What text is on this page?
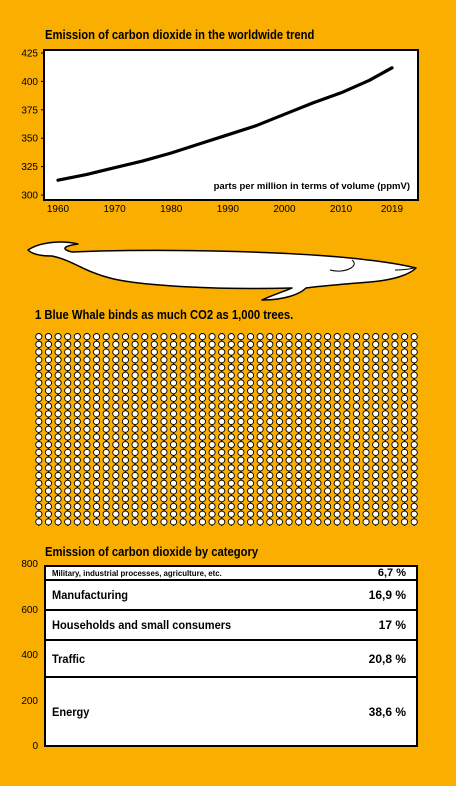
Emission of carbon dioxide in the worldwide trend
425
400
375
350
325
300
1960	1970	1980	1990	2000	2010	2019
parts per million in terms of volume (ppmV)
1 Blue Whale binds as much CO2 as 1,000 trees.
Emission of carbon dioxide by category
800
600
400
200
0
Military, industrial processes, agriculture, etc.	6,7 %
Manufacturing	16,9 %
Households and small consumers	17 %
Traffic	20,8 %
Energy	38,6 %
